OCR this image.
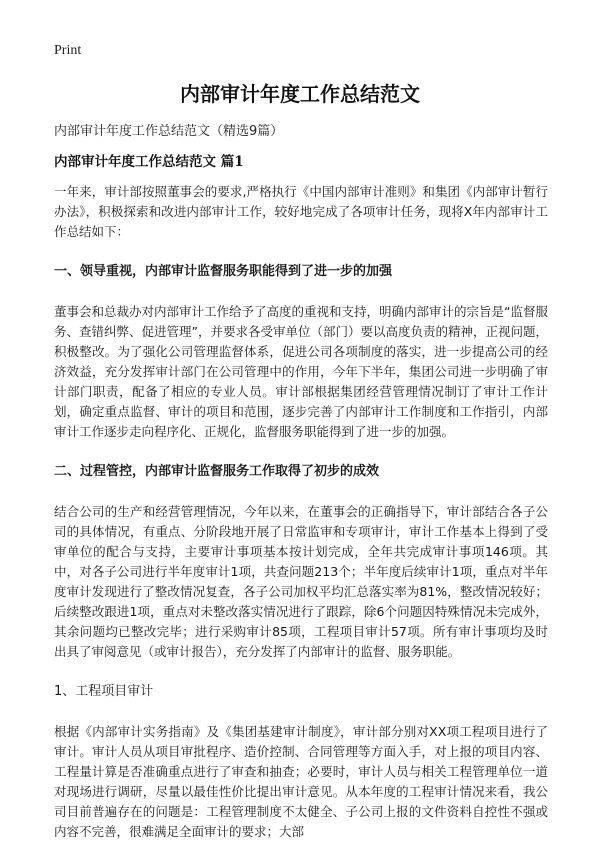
Print
内部审计年度工作总结范文
内部审计年度工作总结范文（精选9篇）
内部审计年度工作总结范文 篇1

一年来，审计部按照董事会的要求,严格执行《中国内部审计准则》和集团《内部审计暂行办法》，积极探索和改进内部审计工作，较好地完成了各项审计任务，现将X年内部审计工作总结如下：

一、领导重视，内部审计监督服务职能得到了进一步的加强

董事会和总裁办对内部审计工作给予了高度的重视和支持，明确内部审计的宗旨是“监督服务、查错纠弊、促进管理”，并要求各受审单位（部门）要以高度负责的精神，正视问题，积极整改。为了强化公司管理监督体系，促进公司各项制度的落实，进一步提高公司的经济效益，充分发挥审计部门在公司管理中的作用，今年下半年，集团公司进一步明确了审计部门职责，配备了相应的专业人员。审计部根据集团经营管理情况制订了审计工作计划，确定重点监督、审计的项目和范围，逐步完善了内部审计工作制度和工作指引，内部审计工作逐步走向程序化、正规化，监督服务职能得到了进一步的加强。

二、过程管控，内部审计监督服务工作取得了初步的成效

结合公司的生产和经营管理情况，今年以来，在董事会的正确指导下，审计部结合各子公司的具体情况，有重点、分阶段地开展了日常监审和专项审计，审计工作基本上得到了受审单位的配合与支持，主要审计事项基本按计划完成，全年共完成审计事项146项。其中，对各子公司进行半年度审计1项，共查问题213个；半年度后续审计1项，重点对半年度审计发现进行了整改情况复查，各子公司加权平均汇总落实率为81%，整改情况较好；后续整改跟进1项，重点对未整改落实情况进行了跟踪，除6个问题因特殊情况未完成外，其余问题均已整改完毕；进行采购审计85项，工程项目审计57项。所有审计事项均及时出具了审阅意见（或审计报告），充分发挥了内部审计的监督、服务职能。

1、工程项目审计

根据《内部审计实务指南》及《集团基建审计制度》，审计部分别对XX项工程项目进行了审计。审计人员从项目审批程序、造价控制、合同管理等方面入手，对上报的项目内容、工程量计算是否准确重点进行了审查和抽查；必要时，审计人员与相关工程管理单位一道对现场进行调研，尽量以最佳性价比提出审计意见。从本年度的工程审计情况来看，我公司目前普遍存在的问题是：工程管理制度不太健全、子公司上报的文件资料自控性不强或内容不完善，很难满足全面审计的要求；大部
